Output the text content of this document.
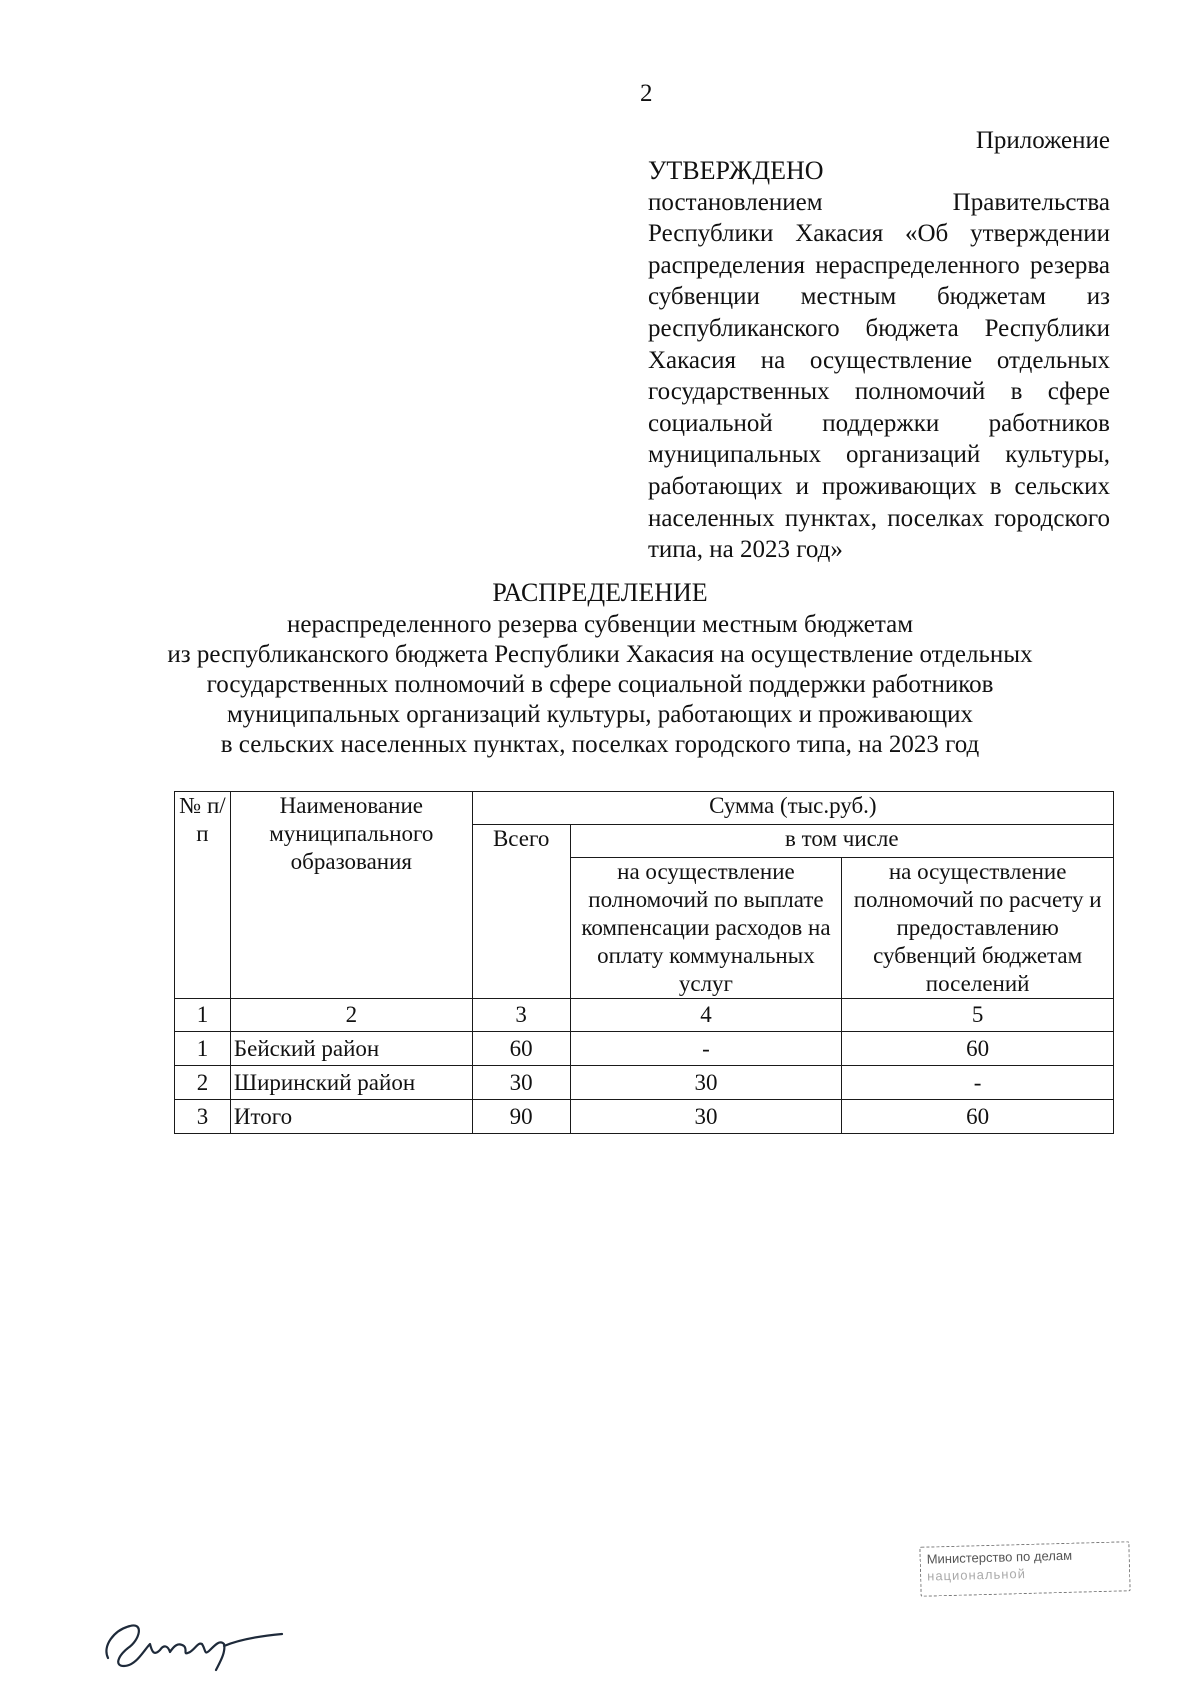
2
Приложение
УТВЕРЖДЕНО
постановлением Правительства Республики Хакасия «Об утверждении распределения нераспределенного резерва субвенции местным бюджетам из республиканского бюджета Республики Хакасия на осуществление отдельных государственных полномочий в сфере социальной поддержки работников муниципальных организаций культуры, работающих и проживающих в сельских населенных пунктах, поселках городского типа, на 2023 год»
РАСПРЕДЕЛЕНИЕ
нераспределенного резерва субвенции местным бюджетам
из республиканского бюджета Республики Хакасия на осуществление отдельных
государственных полномочий в сфере социальной поддержки работников
муниципальных организаций культуры, работающих и проживающих
в сельских населенных пунктах, поселках городского типа, на 2023 год
№ п/п	Наименование муниципального образования	Сумма (тыс.руб.)		
		Всего	в том числе	
			на осуществление полномочий по выплате компенсации расходов на оплату коммунальных услуг	на осуществление полномочий по расчету и предоставлению субвенций бюджетам поселений
1	2	3	4	5
1	Бейский район	60	-	60
2	Ширинский район	30	30	-
3	Итого	90	30	60
Министерство по делам
национальной
